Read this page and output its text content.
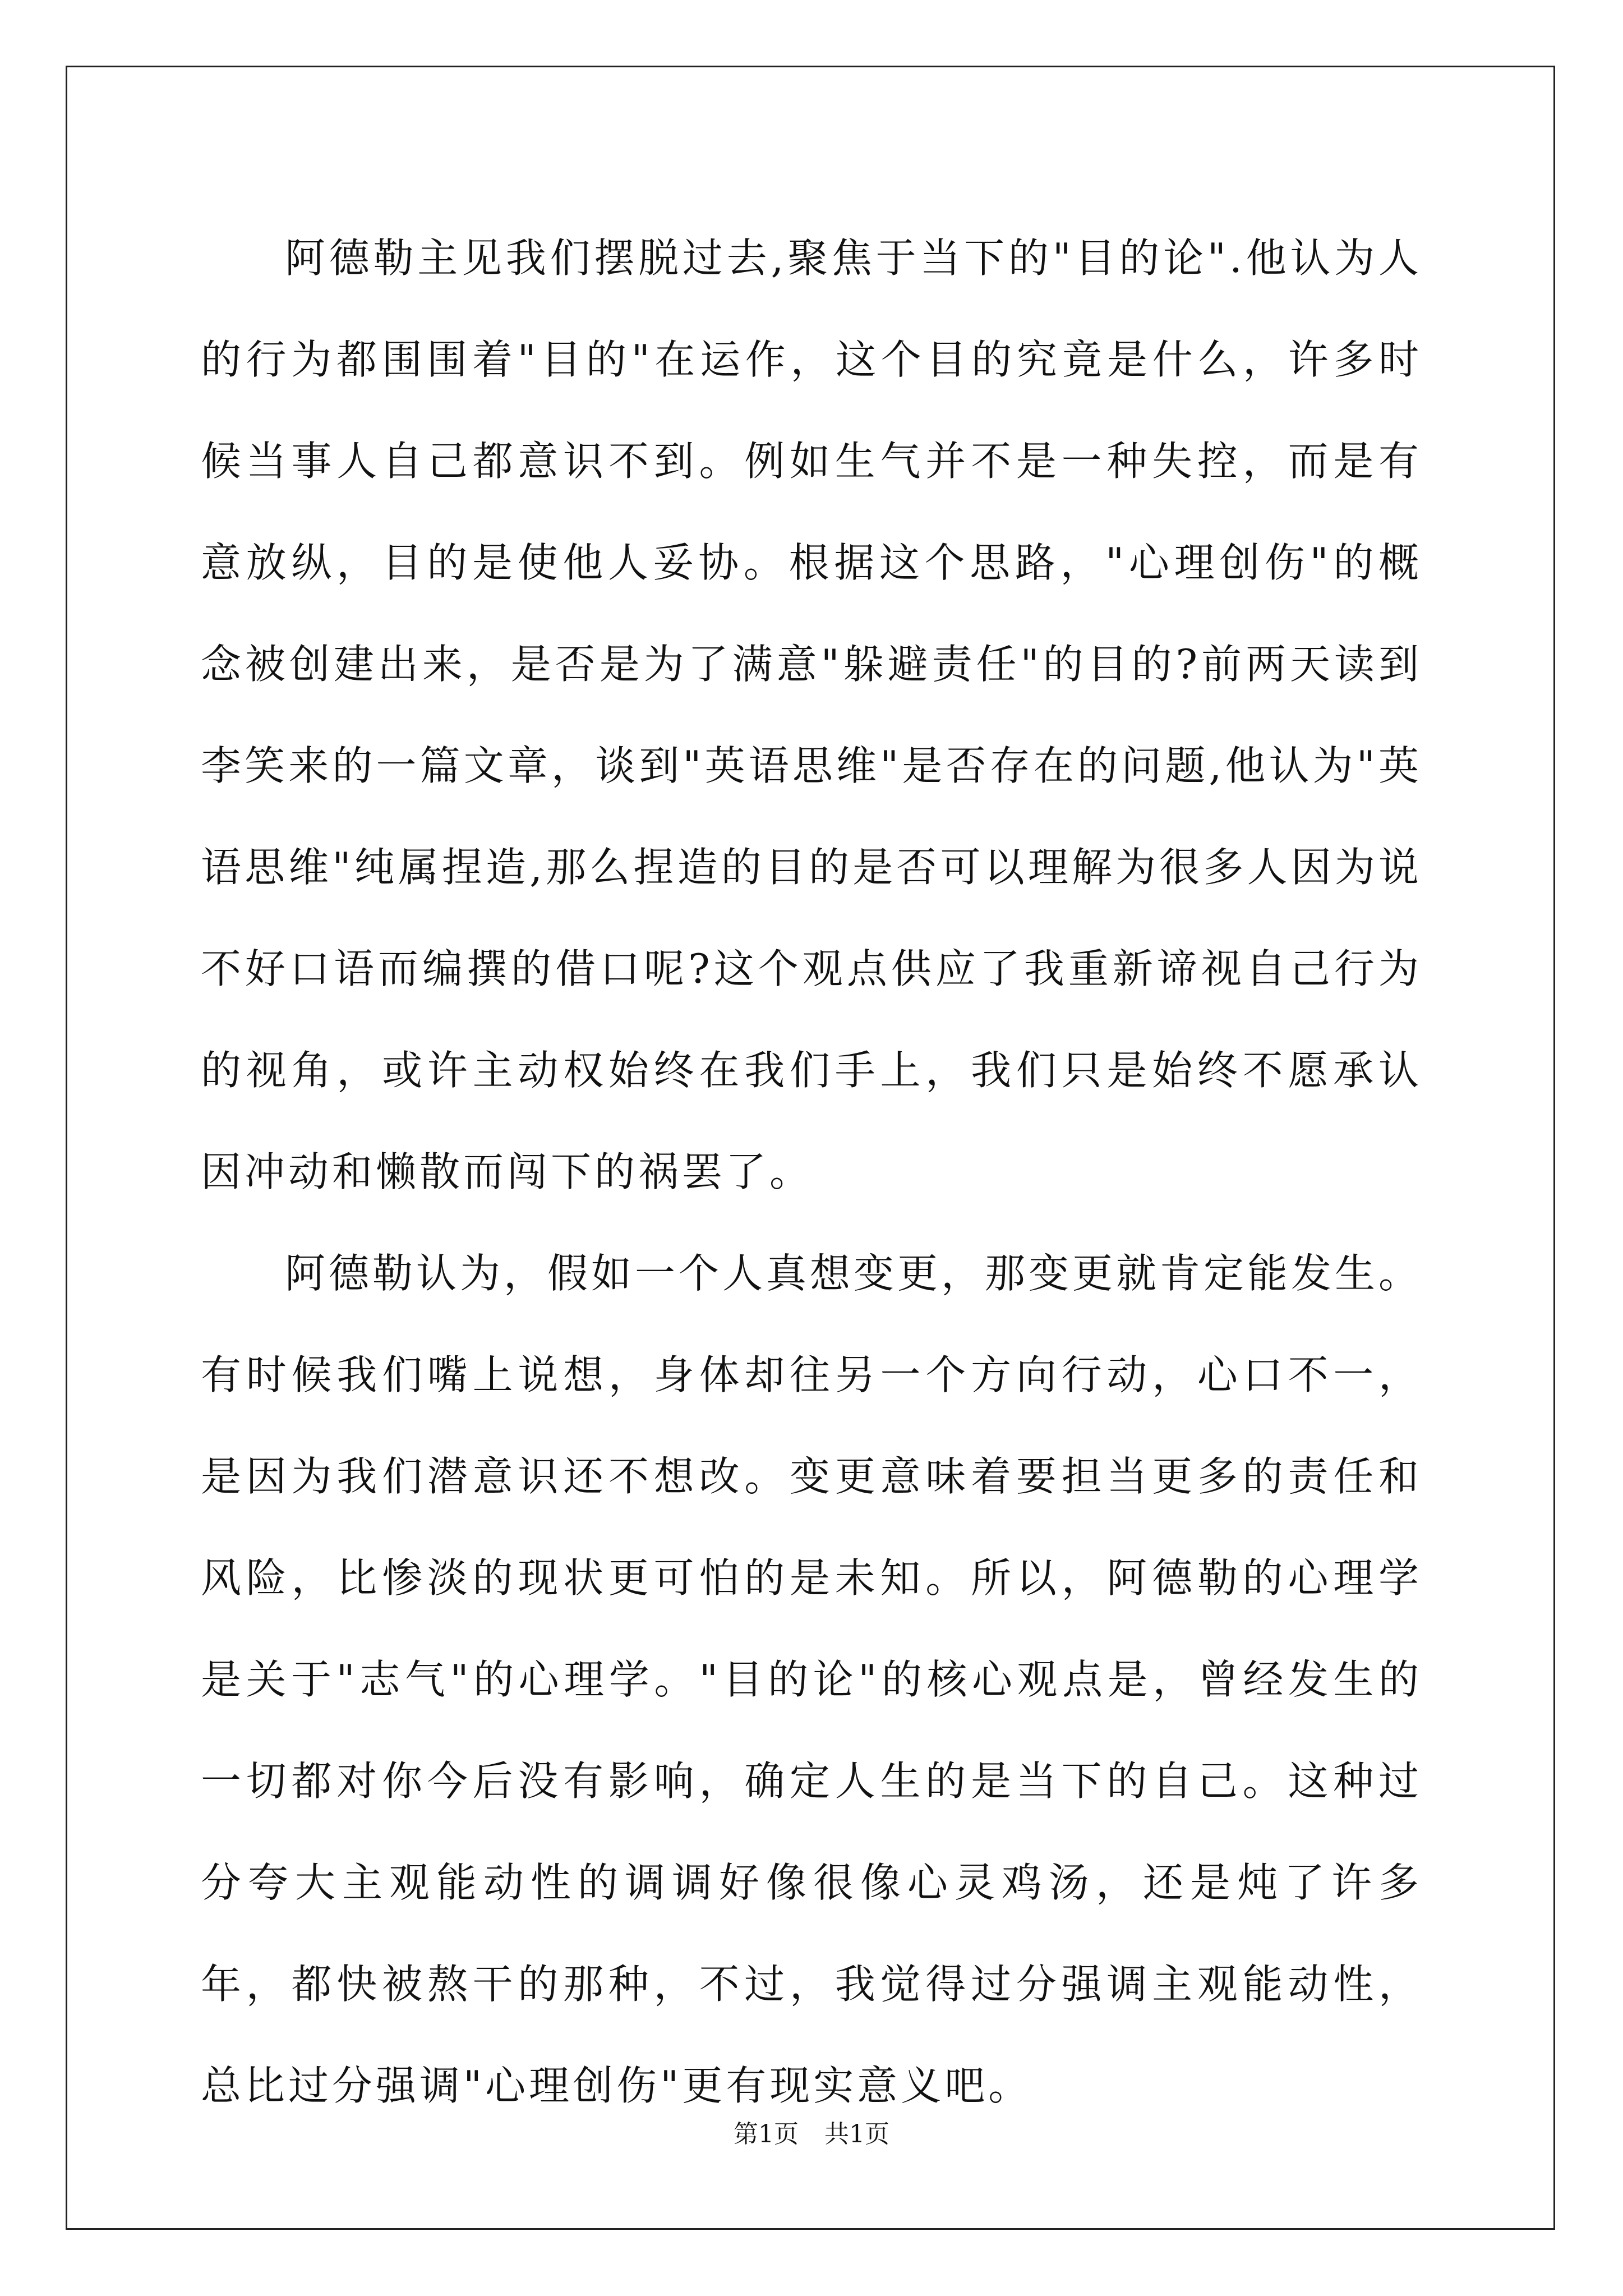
阿德勒主见我们摆脱过去,聚焦于当下的"目的论".他认为人的行为都围围着"目的"在运作，这个目的究竟是什么，许多时候当事人自己都意识不到。例如生气并不是一种失控，而是有意放纵，目的是使他人妥协。根据这个思路，"心理创伤"的概念被创建出来，是否是为了满意"躲避责任"的目的?前两天读到李笑来的一篇文章，谈到"英语思维"是否存在的问题,他认为"英语思维"纯属捏造,那么捏造的目的是否可以理解为很多人因为说不好口语而编撰的借口呢?这个观点供应了我重新谛视自己行为的视角，或许主动权始终在我们手上，我们只是始终不愿承认因冲动和懒散而闯下的祸罢了。

阿德勒认为，假如一个人真想变更，那变更就肯定能发生。有时候我们嘴上说想，身体却往另一个方向行动，心口不一，是因为我们潜意识还不想改。变更意味着要担当更多的责任和风险，比惨淡的现状更可怕的是未知。所以，阿德勒的心理学是关于"志气"的心理学。"目的论"的核心观点是，曾经发生的一切都对你今后没有影响，确定人生的是当下的自己。这种过分夸大主观能动性的调调好像很像心灵鸡汤，还是炖了许多年，都快被熬干的那种，不过，我觉得过分强调主观能动性，总比过分强调"心理创伤"更有现实意义吧。

第1页 共1页
